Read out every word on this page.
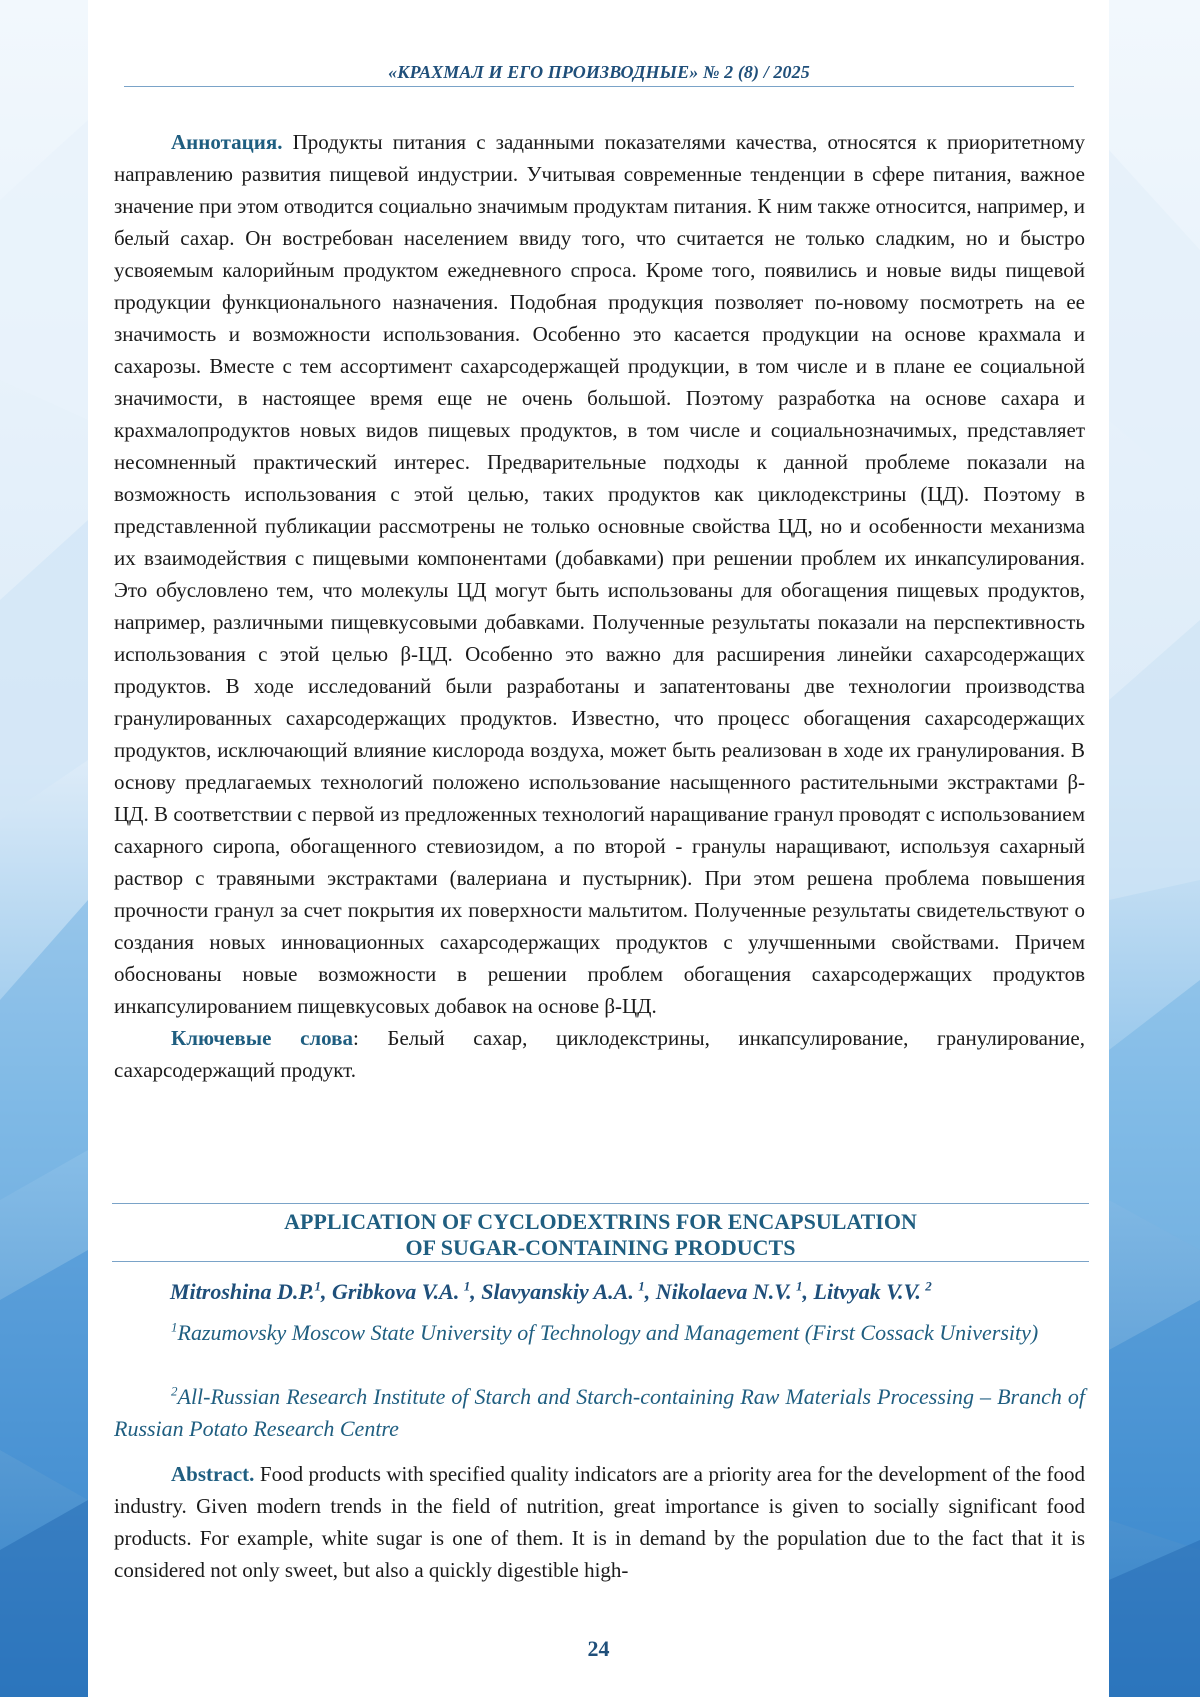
«КРАХМАЛ И ЕГО ПРОИЗВОДНЫЕ» № 2 (8) / 2025

Аннотация. Продукты питания с заданными показателями качества, относятся к приоритетному направлению развития пищевой индустрии. Учитывая современные тенденции в сфере питания, важное значение при этом отводится социально значимым продуктам питания. К ним также относится, например, и белый сахар. Он востребован населением ввиду того, что считается не только сладким, но и быстро усвояемым калорийным продуктом ежедневного спроса. Кроме того, появились и новые виды пищевой продукции функционального назначения. Подобная продукция позволяет по-новому посмотреть на ее значимость и возможности использования. Особенно это касается продукции на основе крахмала и сахарозы. Вместе с тем ассортимент сахарсодержащей продукции, в том числе и в плане ее социальной значимости, в настоящее время еще не очень большой. Поэтому разработка на основе сахара и крахмалопродуктов новых видов пищевых продуктов, в том числе и социальнозначимых, представляет несомненный практический интерес. Предварительные подходы к данной проблеме показали на возможность использования с этой целью, таких продуктов как циклодекстрины (ЦД). Поэтому в представленной публикации рассмотрены не только основные свойства ЦД, но и особенности механизма их взаимодействия с пищевыми компонентами (добавками) при решении проблем их инкапсулирования. Это обусловлено тем, что молекулы ЦД могут быть использованы для обогащения пищевых продуктов, например, различными пищевкусовыми добавками. Полученные результаты показали на перспективность использования с этой целью β-ЦД. Особенно это важно для расширения линейки сахарсодержащих продуктов. В ходе исследований были разработаны и запатентованы две технологии производства гранулированных сахарсодержащих продуктов. Известно, что процесс обогащения сахарсодержащих продуктов, исключающий влияние кислорода воздуха, может быть реализован в ходе их гранулирования. В основу предлагаемых технологий положено использование насыщенного растительными экстрактами β-ЦД. В соответствии с первой из предложенных технологий наращивание гранул проводят с использованием сахарного сиропа, обогащенного стевиозидом, а по второй - гранулы наращивают, используя сахарный раствор с травяными экстрактами (валериана и пустырник). При этом решена проблема повышения прочности гранул за счет покрытия их поверхности мальтитом. Полученные результаты свидетельствуют о создания новых инновационных сахарсодержащих продуктов с улучшенными свойствами. Причем обоснованы новые возможности в решении проблем обогащения сахарсодержащих продуктов инкапсулированием пищевкусовых добавок на основе β-ЦД.

Ключевые слова: Белый сахар, циклодекстрины, инкапсулирование, гранулирование, сахарсодержащий продукт.

APPLICATION OF CYCLODEXTRINS FOR ENCAPSULATION
OF SUGAR-CONTAINING PRODUCTS
Mitroshina D.P.$^1$, Gribkova V.A.  $^1$, Slavyanskiy A.A.  $^1$, Nikolaeva N.V.  $^1$, Litvyak V.V.  $^2$
$^1$Razumovsky Moscow State University of Technology and Management (First Cossack University)
$^2$All-Russian Research Institute of Starch and Starch-containing Raw Materials Processing – Branch of Russian Potato Research Centre

Abstract. Food products with specified quality indicators are a priority area for the development of the food industry. Given modern trends in the field of nutrition, great importance is given to socially significant food products. For example, white sugar is one of them. It is in demand by the population due to the fact that it is considered not only sweet, but also a quickly digestible high-

24
